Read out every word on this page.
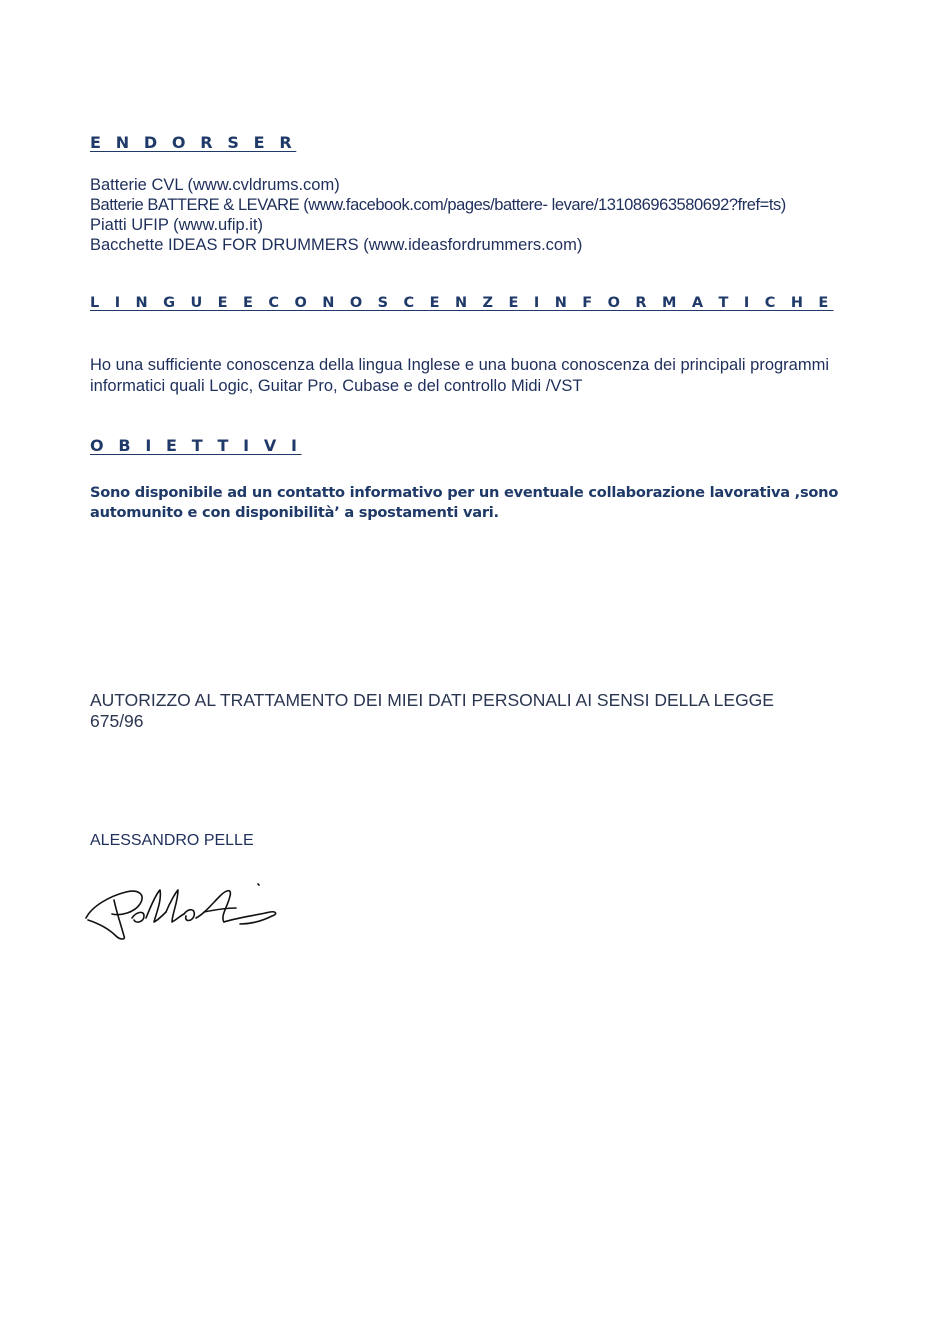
E N D O R S E R
Batterie CVL (www.cvldrums.com)
Batterie BATTERE & LEVARE (www.facebook.com/pages/battere- levare/131086963580692?fref=ts)
Piatti UFIP (www.ufip.it)
Bacchette IDEAS FOR DRUMMERS (www.ideasfordrummers.com)
L I N G U E E C O N O S C E N Z E I N F O R M A T I C H E
Ho una sufficiente conoscenza della lingua Inglese e una buona conoscenza dei principali programmi informatici quali Logic, Guitar Pro, Cubase e del controllo Midi /VST
O B I E T T I V I
Sono disponibile ad un contatto informativo per un eventuale collaborazione lavorativa ,sono automunito e con disponibilità’ a spostamenti vari.
AUTORIZZO AL TRATTAMENTO DEI MIEI DATI PERSONALI AI SENSI DELLA LEGGE 675/96
ALESSANDRO PELLE
